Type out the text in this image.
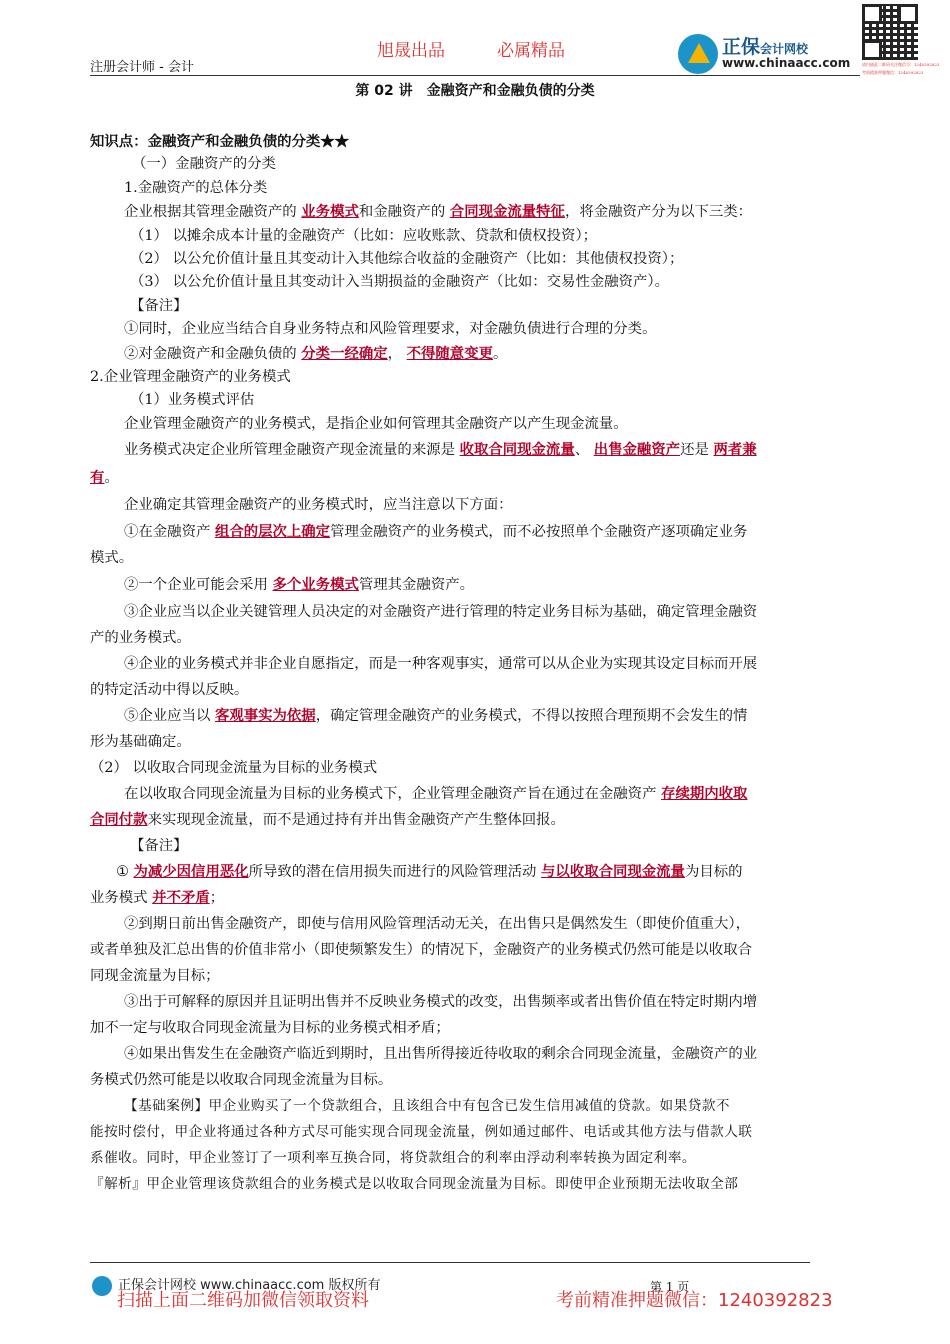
注册会计师 - 会计
旭晟出品	必属精品	正保会计网校
www.chinaacc.com	请扫描此二维码关注微信号：1240392823
考前精准押题微信：1240392823
第 02 讲　金融资产和金融负债的分类

知识点：金融资产和金融负债的分类★★

（一）金融资产的分类

1.金融资产的总体分类

企业根据其管理金融资产的 业务模式和金融资产的 合同现金流量特征，将金融资产分为以下三类：

（1） 以摊余成本计量的金融资产（比如：应收账款、贷款和债权投资）；

（2） 以公允价值计量且其变动计入其他综合收益的金融资产（比如：其他债权投资）；

（3） 以公允价值计量且其变动计入当期损益的金融资产（比如：交易性金融资产）。

【备注】

①同时，企业应当结合自身业务特点和风险管理要求，对金融负债进行合理的分类。

②对金融资产和金融负债的 分类一经确定， 不得随意变更。

2.企业管理金融资产的业务模式

（1）业务模式评估

企业管理金融资产的业务模式，是指企业如何管理其金融资产以产生现金流量。

业务模式决定企业所管理金融资产现金流量的来源是 收取合同现金流量、 出售金融资产还是 两者兼
有。

企业确定其管理金融资产的业务模式时，应当注意以下方面：

①在金融资产 组合的层次上确定管理金融资产的业务模式，而不必按照单个金融资产逐项确定业务
模式。

②一个企业可能会采用 多个业务模式管理其金融资产。

③企业应当以企业关键管理人员决定的对金融资产进行管理的特定业务目标为基础，确定管理金融资
产的业务模式。

④企业的业务模式并非企业自愿指定，而是一种客观事实，通常可以从企业为实现其设定目标而开展
的特定活动中得以反映。

⑤企业应当以 客观事实为依据，确定管理金融资产的业务模式，不得以按照合理预期不会发生的情
形为基础确定。

（2） 以收取合同现金流量为目标的业务模式

在以收取合同现金流量为目标的业务模式下，企业管理金融资产旨在通过在金融资产 存续期内收取
合同付款来实现现金流量，而不是通过持有并出售金融资产产生整体回报。

【备注】

① 为减少因信用恶化所导致的潜在信用损失而进行的风险管理活动 与以收取合同现金流量为目标的
业务模式 并不矛盾；

②到期日前出售金融资产，即使与信用风险管理活动无关，在出售只是偶然发生（即使价值重大），
或者单独及汇总出售的价值非常小（即使频繁发生）的情况下，金融资产的业务模式仍然可能是以收取合
同现金流量为目标；

③出于可解释的原因并且证明出售并不反映业务模式的改变，出售频率或者出售价值在特定时期内增
加不一定与收取合同现金流量为目标的业务模式相矛盾；

④如果出售发生在金融资产临近到期时，且出售所得接近待收取的剩余合同现金流量，金融资产的业
务模式仍然可能是以收取合同现金流量为目标。

【基础案例】甲企业购买了一个贷款组合，且该组合中有包含已发生信用减值的贷款。如果贷款不

能按时偿付，甲企业将通过各种方式尽可能实现合同现金流量，例如通过邮件、电话或其他方法与借款人联

系催收。同时，甲企业签订了一项利率互换合同，将贷款组合的利率由浮动利率转换为固定利率。

『解析』甲企业管理该贷款组合的业务模式是以收取合同现金流量为目标。即使甲企业预期无法收取全部

正保会计网校 www.chinaacc.com 版权所有	第 1 页
扫描上面二维码加微信领取资料	考前精准押题微信：1240392823
